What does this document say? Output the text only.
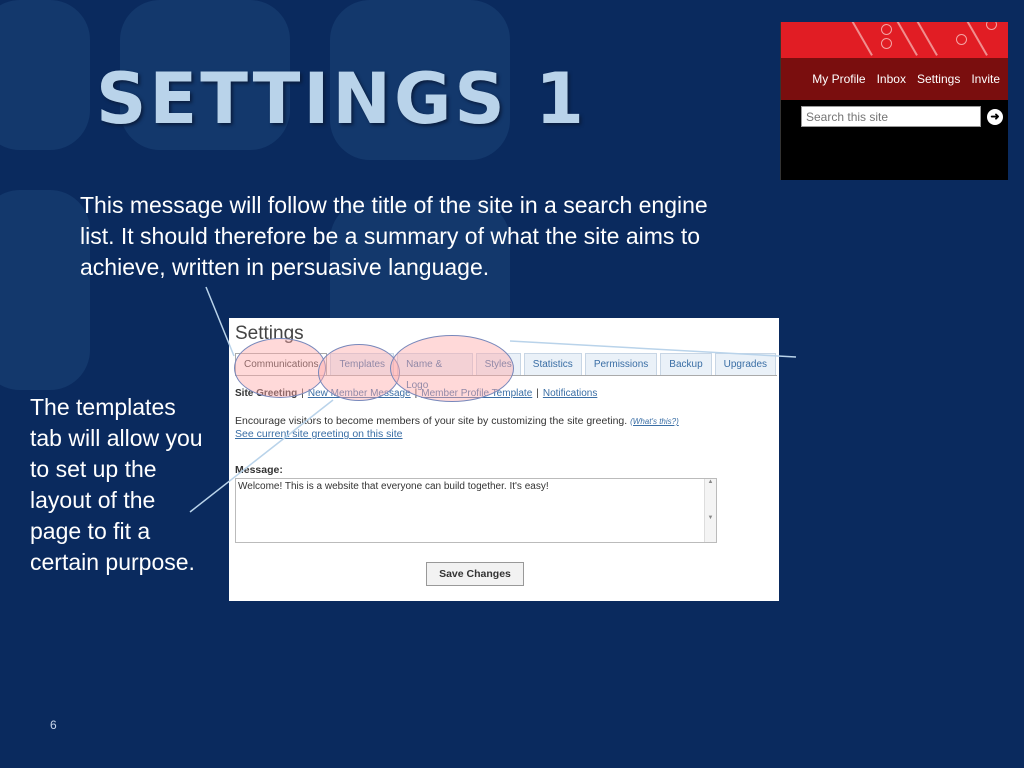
SETTINGS 1
This message will follow the title of the site in a search engine list. It should therefore be a summary of what the site aims to achieve, written in persuasive language.
The templates tab will allow you to set up the layout of the page to fit a certain purpose.
6
My Profile Inbox Settings Invite
Search this site
➜
Settings
Communications	Templates	Name & Logo
Styles	Statistics	Permissions	Backup	Upgrades
Site Greeting | New Member Message | Member Profile Template | Notifications
Encourage visitors to become members of your site by customizing the site greeting. (What's this?)
See current site greeting on this site
Message:
Welcome! This is a website that everyone can build together. It's easy!	▲

▼
Save Changes
